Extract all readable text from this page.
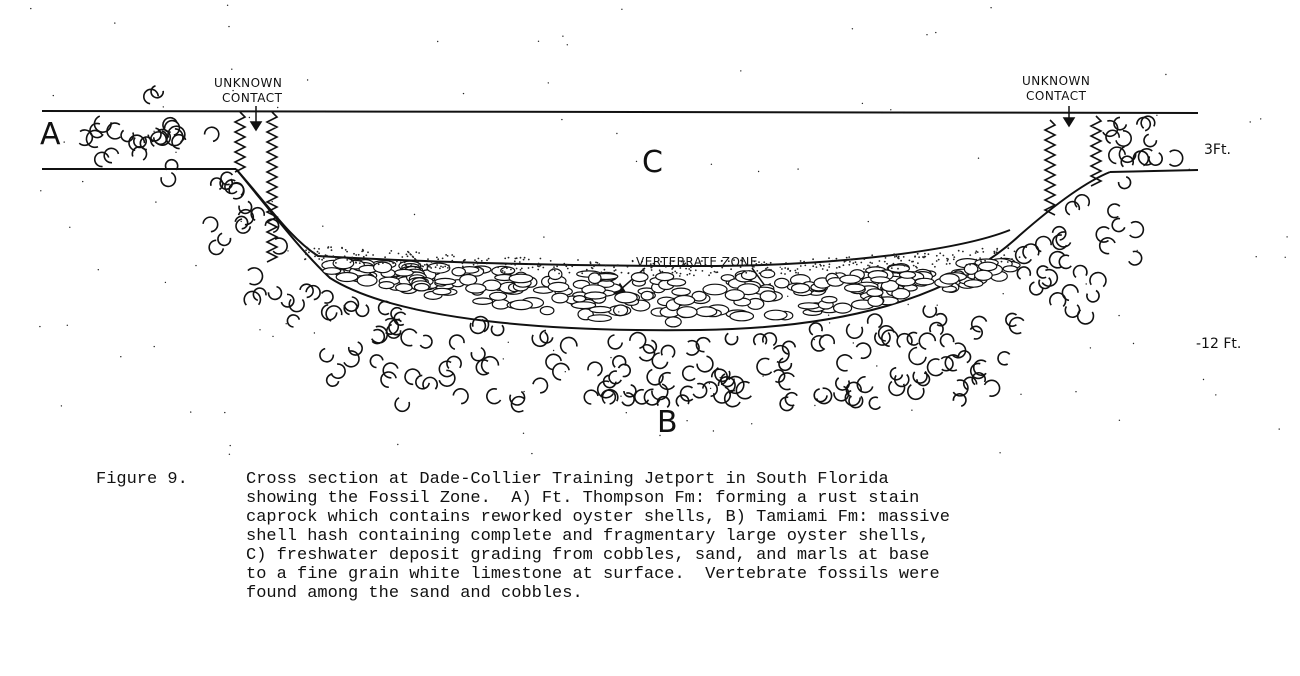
A
C
B
UNKNOWN
CONTACT
UNKNOWN
CONTACT
VERTEBRATE ZONE
3Ft.
-12 Ft.
Figure 9.	Cross section at Dade-Collier Training Jetport in South Florida
showing the Fossil Zone.  A) Ft. Thompson Fm: forming a rust stain
caprock which contains reworked oyster shells, B) Tamiami Fm: massive
shell hash containing complete and fragmentary large oyster shells,
C) freshwater deposit grading from cobbles, sand, and marls at base
to a fine grain white limestone at surface.  Vertebrate fossils were
found among the sand and cobbles.
